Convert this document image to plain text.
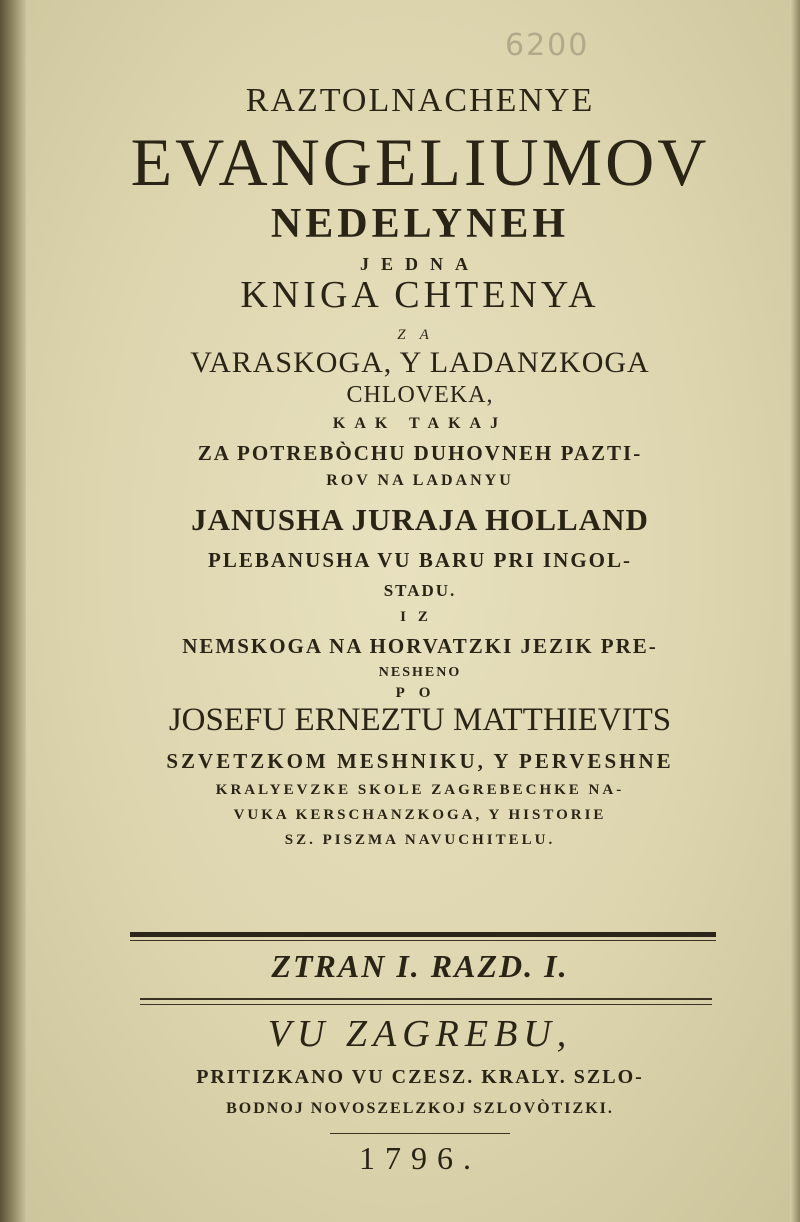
6200
RAZTOLNACHENYE
EVANGELIUMOV
NEDELYNEH
JEDNA
KNIGA CHTENYA
ZA
VARASKOGA, Y LADANZKOGA
CHLOVEKA,
KAK TAKAJ
ZA POTREBÒCHU DUHOVNEH PAZTI-
ROV NA LADANYU
JANUSHA JURAJA HOLLAND
PLEBANUSHA VU BARU PRI INGOL-
STADU.
IZ
NEMSKOGA NA HORVATZKI JEZIK PRE-
NESHENO
PO
JOSEFU ERNEZTU MATTHIEVITS
SZVETZKOM MESHNIKU, Y PERVESHNE
KRALYEVZKE SKOLE ZAGREBECHKE NA-
VUKA KERSCHANZKOGA, Y HISTORIE
SZ. PISZMA NAVUCHITELU.
ZTRAN I. RAZD. I.
VU ZAGREBU,
PRITIZKANO VU CZESZ. KRALY. SZLO-
BODNOJ NOVOSZELZKOJ SZLOVÒTIZKI.
1796.
